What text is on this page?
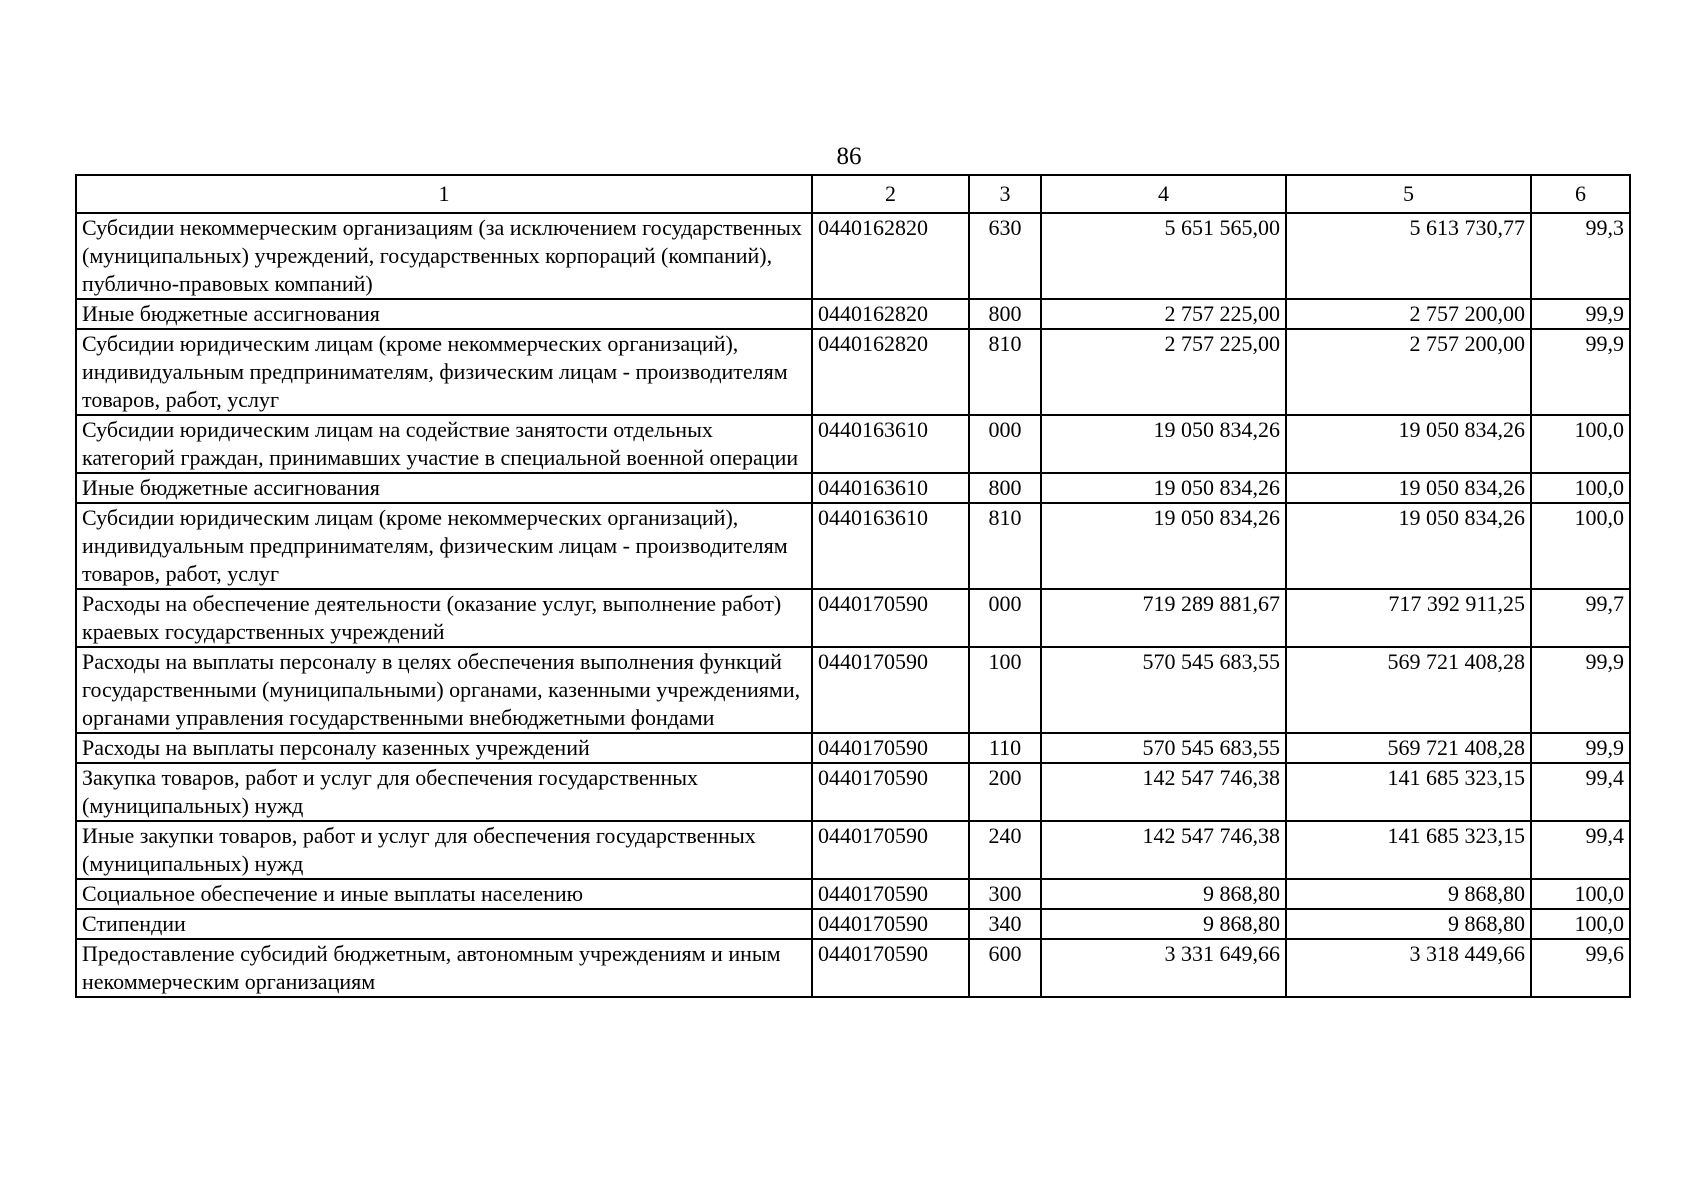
86
1	2	3	4	5	6
Субсидии некоммерческим организациям (за исключением государственных (муниципальных) учреждений, государственных корпораций (компаний), публично-правовых компаний)	0440162820	630	5 651 565,00	5 613 730,77	99,3
Иные бюджетные ассигнования	0440162820	800	2 757 225,00	2 757 200,00	99,9
Субсидии юридическим лицам (кроме некоммерческих организаций), индивидуальным предпринимателям, физическим лицам - производителям товаров, работ, услуг	0440162820	810	2 757 225,00	2 757 200,00	99,9
Субсидии юридическим лицам на содействие занятости отдельных категорий граждан, принимавших участие в специальной военной операции	0440163610	000	19 050 834,26	19 050 834,26	100,0
Иные бюджетные ассигнования	0440163610	800	19 050 834,26	19 050 834,26	100,0
Субсидии юридическим лицам (кроме некоммерческих организаций), индивидуальным предпринимателям, физическим лицам - производителям товаров, работ, услуг	0440163610	810	19 050 834,26	19 050 834,26	100,0
Расходы на обеспечение деятельности (оказание услуг, выполнение работ) краевых государственных учреждений	0440170590	000	719 289 881,67	717 392 911,25	99,7
Расходы на выплаты персоналу в целях обеспечения выполнения функций государственными (муниципальными) органами, казенными учреждениями, органами управления государственными внебюджетными фондами	0440170590	100	570 545 683,55	569 721 408,28	99,9
Расходы на выплаты персоналу казенных учреждений	0440170590	110	570 545 683,55	569 721 408,28	99,9
Закупка товаров, работ и услуг для обеспечения государственных (муниципальных) нужд	0440170590	200	142 547 746,38	141 685 323,15	99,4
Иные закупки товаров, работ и услуг для обеспечения государственных (муниципальных) нужд	0440170590	240	142 547 746,38	141 685 323,15	99,4
Социальное обеспечение и иные выплаты населению	0440170590	300	9 868,80	9 868,80	100,0
Стипендии	0440170590	340	9 868,80	9 868,80	100,0
Предоставление субсидий бюджетным, автономным учреждениям и иным некоммерческим организациям	0440170590	600	3 331 649,66	3 318 449,66	99,6
